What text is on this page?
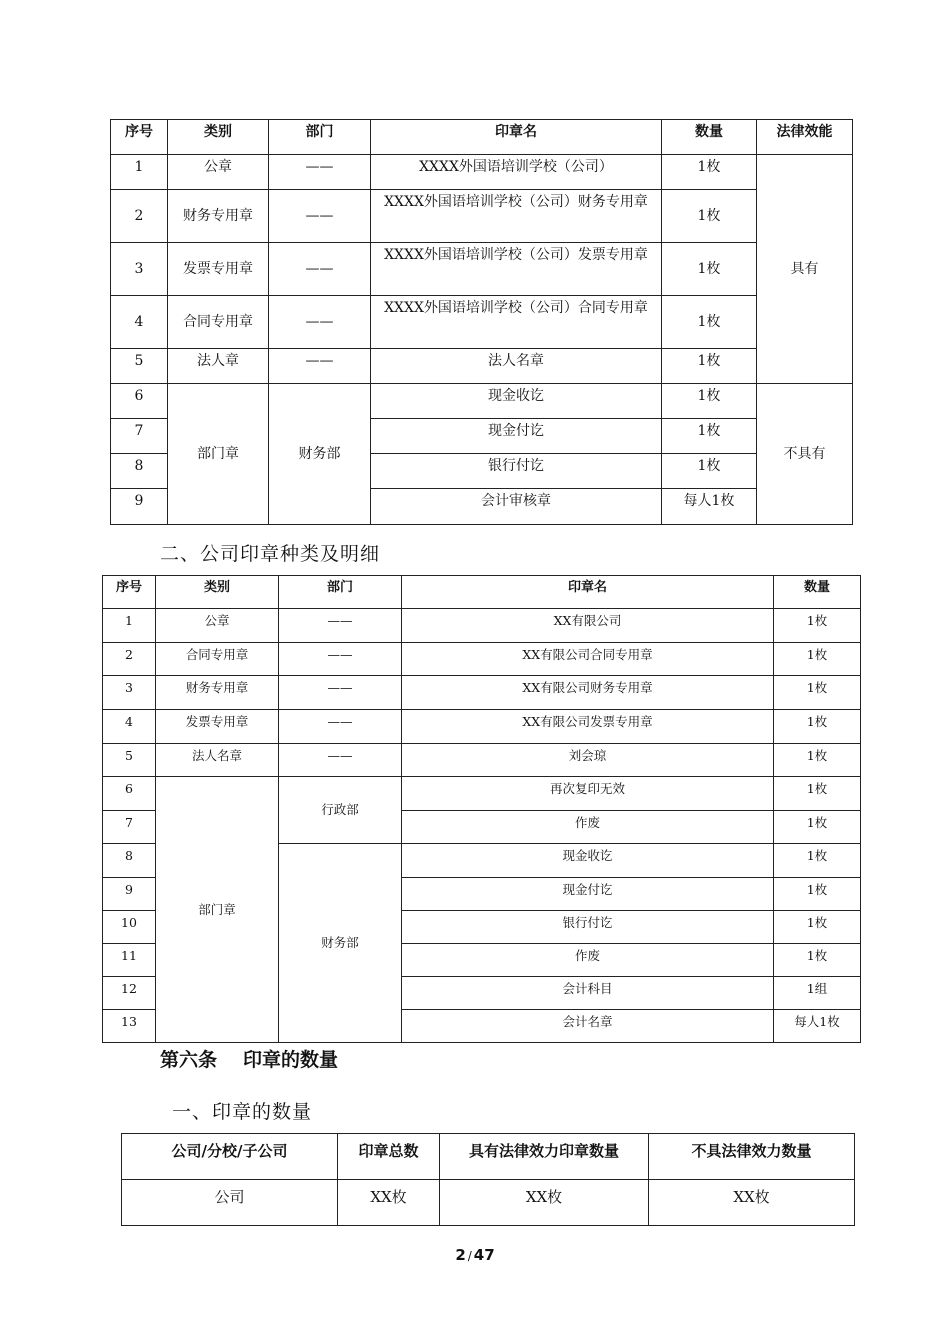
序号	类别	部门	印章名	数量	法律效能
1	公章	——	XXXX外国语培训学校（公司）	1枚	具有
2	财务专用章	——	XXXX外国语培训学校（公司）财务专用章	1枚	
3	发票专用章	——	XXXX外国语培训学校（公司）发票专用章	1枚	
4	合同专用章	——	XXXX外国语培训学校（公司）合同专用章	1枚	
5	法人章	——	法人名章	1枚	
6	部门章	财务部	现金收讫	1枚	不具有
7			现金付讫	1枚	
8			银行付讫	1枚	
9			会计审核章	每人1枚	
二、公司印章种类及明细
序号	类别	部门	印章名	数量
1	公章	——	XX有限公司	1枚
2	合同专用章	——	XX有限公司合同专用章	1枚
3	财务专用章	——	XX有限公司财务专用章	1枚
4	发票专用章	——	XX有限公司发票专用章	1枚
5	法人名章	——	刘会琼	1枚
6	部门章	行政部	再次复印无效	1枚
7			作废	1枚
8		财务部	现金收讫	1枚
9			现金付讫	1枚
10			银行付讫	1枚
11			作废	1枚
12			会计科目	1组
13			会计名章	每人1枚
第六条 印章的数量
一、印章的数量
公司/分校/子公司	印章总数	具有法律效力印章数量	不具法律效力数量
公司	XX枚	XX枚	XX枚
2 / 47
